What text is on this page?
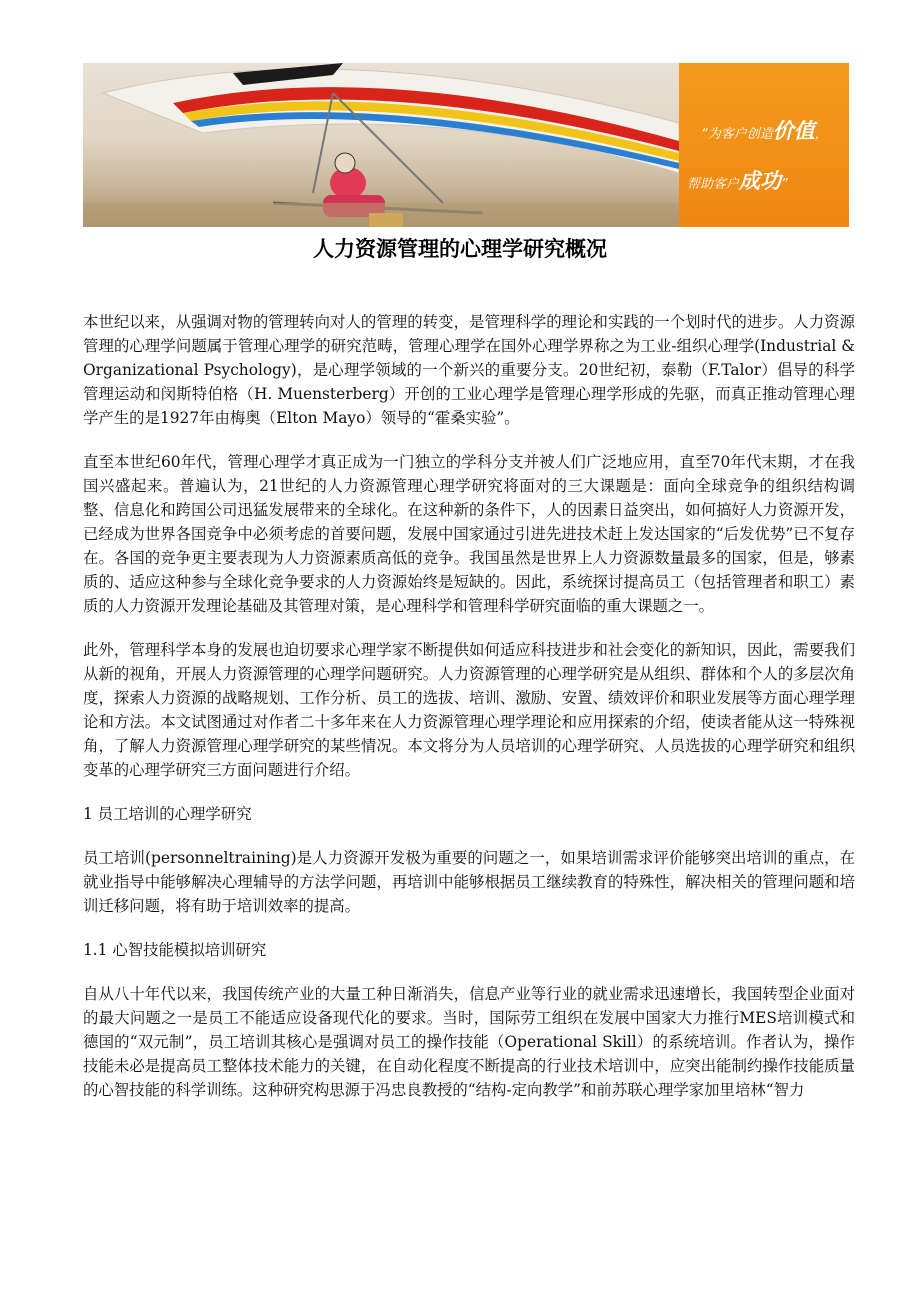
“为客户创造价值，
帮助客户成功”
人力资源管理的心理学研究概况

本世纪以来，从强调对物的管理转向对人的管理的转变，是管理科学的理论和实践的一个划时代的进步。人力资源管理的心理学问题属于管理心理学的研究范畴，管理心理学在国外心理学界称之为工业-组织心理学(Industrial & Organizational Psychology)，是心理学领域的一个新兴的重要分支。20世纪初，泰勒（F.Talor）倡导的科学管理运动和闵斯特伯格（H. Muensterberg）开创的工业心理学是管理心理学形成的先驱，而真正推动管理心理学产生的是1927年由梅奥（Elton Mayo）领导的“霍桑实验”。

直至本世纪60年代，管理心理学才真正成为一门独立的学科分支并被人们广泛地应用，直至70年代末期，才在我国兴盛起来。普遍认为，21世纪的人力资源管理心理学研究将面对的三大课题是：面向全球竞争的组织结构调整、信息化和跨国公司迅猛发展带来的全球化。在这种新的条件下，人的因素日益突出，如何搞好人力资源开发，已经成为世界各国竞争中必须考虑的首要问题，发展中国家通过引进先进技术赶上发达国家的“后发优势”已不复存在。各国的竞争更主要表现为人力资源素质高低的竞争。我国虽然是世界上人力资源数量最多的国家，但是，够素质的、适应这种参与全球化竞争要求的人力资源始终是短缺的。因此，系统探讨提高员工（包括管理者和职工）素质的人力资源开发理论基础及其管理对策，是心理科学和管理科学研究面临的重大课题之一。

此外，管理科学本身的发展也迫切要求心理学家不断提供如何适应科技进步和社会变化的新知识，因此，需要我们从新的视角，开展人力资源管理的心理学问题研究。人力资源管理的心理学研究是从组织、群体和个人的多层次角度，探索人力资源的战略规划、工作分析、员工的选拔、培训、激励、安置、绩效评价和职业发展等方面心理学理论和方法。本文试图通过对作者二十多年来在人力资源管理心理学理论和应用探索的介绍，使读者能从这一特殊视角，了解人力资源管理心理学研究的某些情况。本文将分为人员培训的心理学研究、人员选拔的心理学研究和组织变革的心理学研究三方面问题进行介绍。

1 员工培训的心理学研究

员工培训(personneltraining)是人力资源开发极为重要的问题之一，如果培训需求评价能够突出培训的重点，在就业指导中能够解决心理辅导的方法学问题，再培训中能够根据员工继续教育的特殊性，解决相关的管理问题和培训迁移问题，将有助于培训效率的提高。

1.1 心智技能模拟培训研究

自从八十年代以来，我国传统产业的大量工种日渐消失，信息产业等行业的就业需求迅速增长，我国转型企业面对的最大问题之一是员工不能适应设备现代化的要求。当时，国际劳工组织在发展中国家大力推行MES培训模式和德国的“双元制”，员工培训其核心是强调对员工的操作技能（Operational Skill）的系统培训。作者认为，操作技能未必是提高员工整体技术能力的关键，在自动化程度不断提高的行业技术培训中，应突出能制约操作技能质量的心智技能的科学训练。这种研究构思源于冯忠良教授的“结构-定向教学”和前苏联心理学家加里培林“智力
